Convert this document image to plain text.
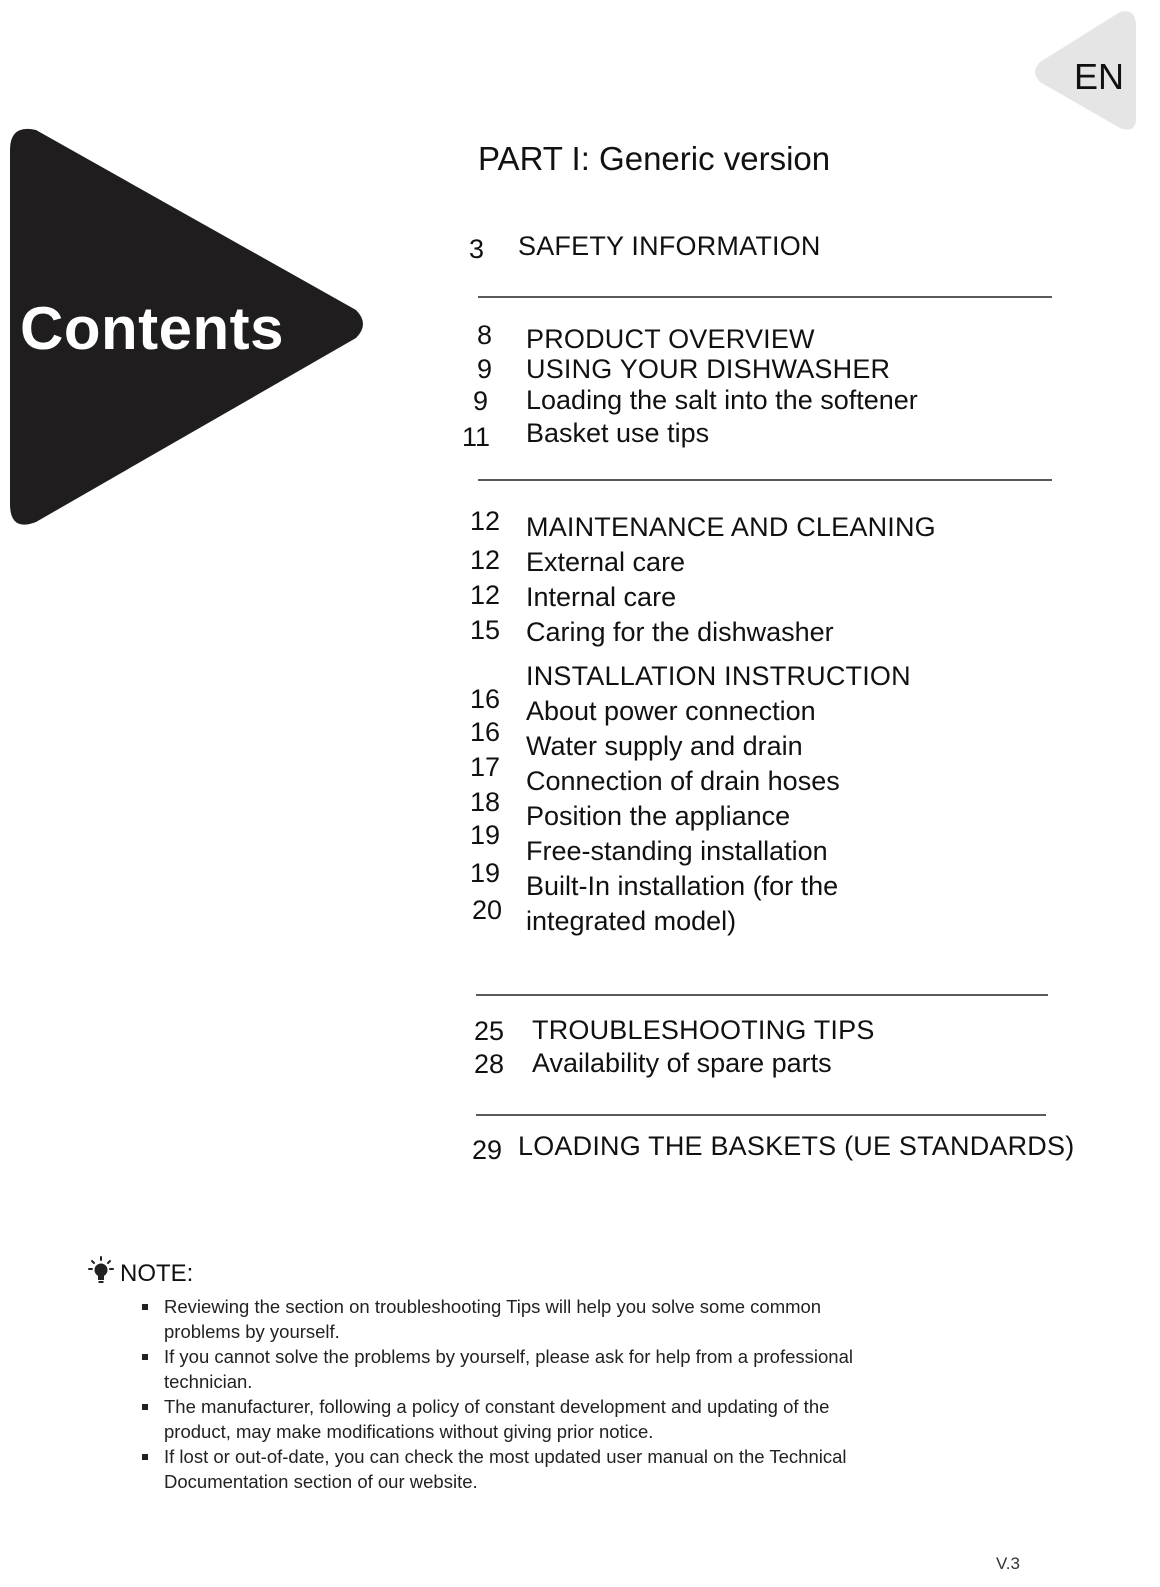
Contents
EN
PART I: Generic version
3 SAFETY INFORMATION
8 PRODUCT OVERVIEW
9 USING YOUR DISHWASHER
9 Loading the salt into the softener
11 Basket use tips
12 MAINTENANCE AND CLEANING
12 External care
12 Internal care
15 Caring for the dishwasher
INSTALLATION INSTRUCTION
About power connection
Water supply and drain
Connection of drain hoses
Position the appliance
Free-standing installation
Built-In installation (for the
integrated model)
16
16
17
18
19
19
20
25 TROUBLESHOOTING TIPS
28 Availability of spare parts
29 LOADING THE BASKETS (UE STANDARDS)
NOTE:
Reviewing the section on troubleshooting Tips will help you solve some common problems by yourself.
If you cannot solve the problems by yourself, please ask for help from a professional technician.
The manufacturer, following a policy of constant development and updating of the product, may make modifications without giving prior notice.
If lost or out-of-date, you can check the most updated user manual on the Technical Documentation section of our website.
V.3
